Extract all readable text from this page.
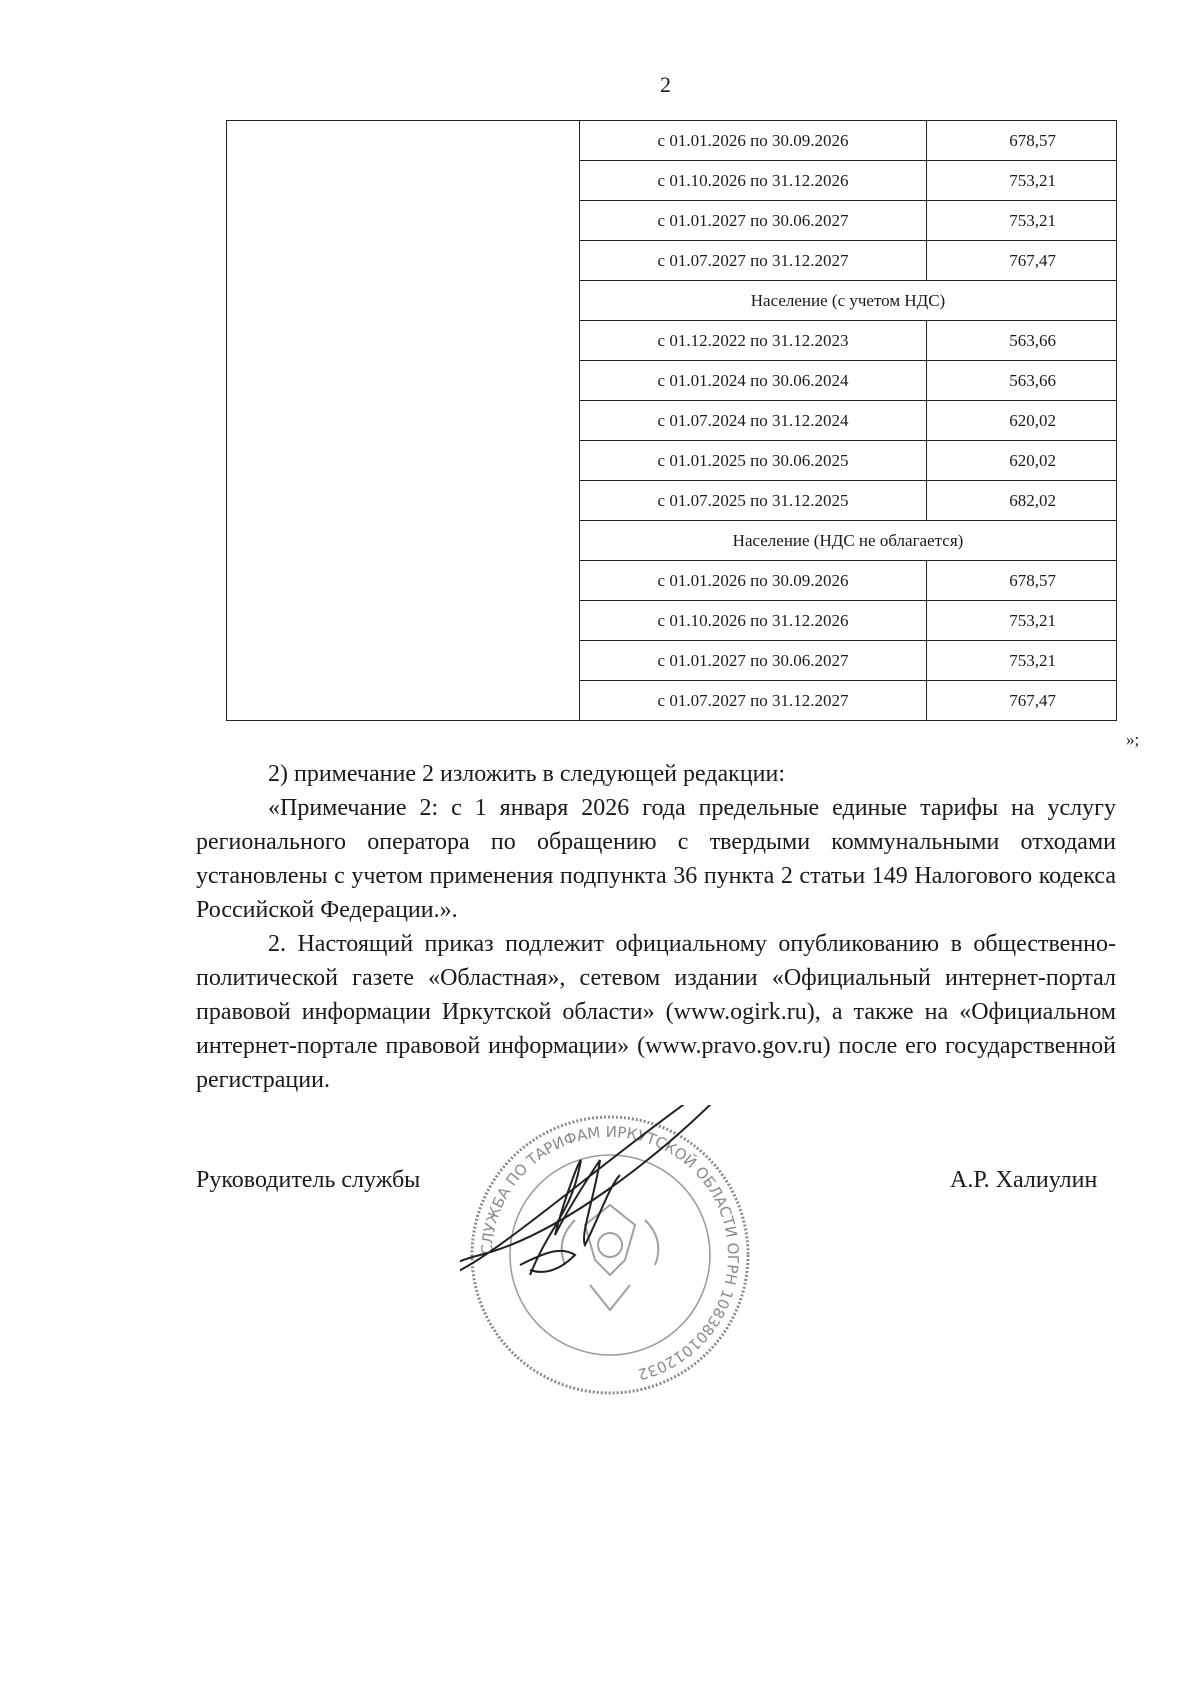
2
	с 01.01.2026 по 30.09.2026	678,57
	с 01.10.2026 по 31.12.2026	753,21
	с 01.01.2027 по 30.06.2027	753,21
	с 01.07.2027 по 31.12.2027	767,47
	Население (с учетом НДС)	
	с 01.12.2022 по 31.12.2023	563,66
	с 01.01.2024 по 30.06.2024	563,66
	с 01.07.2024 по 31.12.2024	620,02
	с 01.01.2025 по 30.06.2025	620,02
	с 01.07.2025 по 31.12.2025	682,02
	Население (НДС не облагается)	
	с 01.01.2026 по 30.09.2026	678,57
	с 01.10.2026 по 31.12.2026	753,21
	с 01.01.2027 по 30.06.2027	753,21
	с 01.07.2027 по 31.12.2027	767,47
»;

2) примечание 2 изложить в следующей редакции:

«Примечание 2: с 1 января 2026 года предельные единые тарифы на услугу регионального оператора по обращению с твердыми коммунальными отходами установлены с учетом применения подпункта 36 пункта 2 статьи 149 Налогового кодекса Российской Федерации.».

2. Настоящий приказ подлежит официальному опубликованию в общественно-политической газете «Областная», сетевом издании «Официальный интернет-портал правовой информации Иркутской области» (www.ogirk.ru), а также на «Официальном интернет-портале правовой информации» (www.pravo.gov.ru) после его государственной регистрации.

Руководитель службы	А.Р. Халиулин
СЛУЖБА ПО ТАРИФАМ ИРКУТСКОЙ ОБЛАСТИ ОГРН 1083801012032
